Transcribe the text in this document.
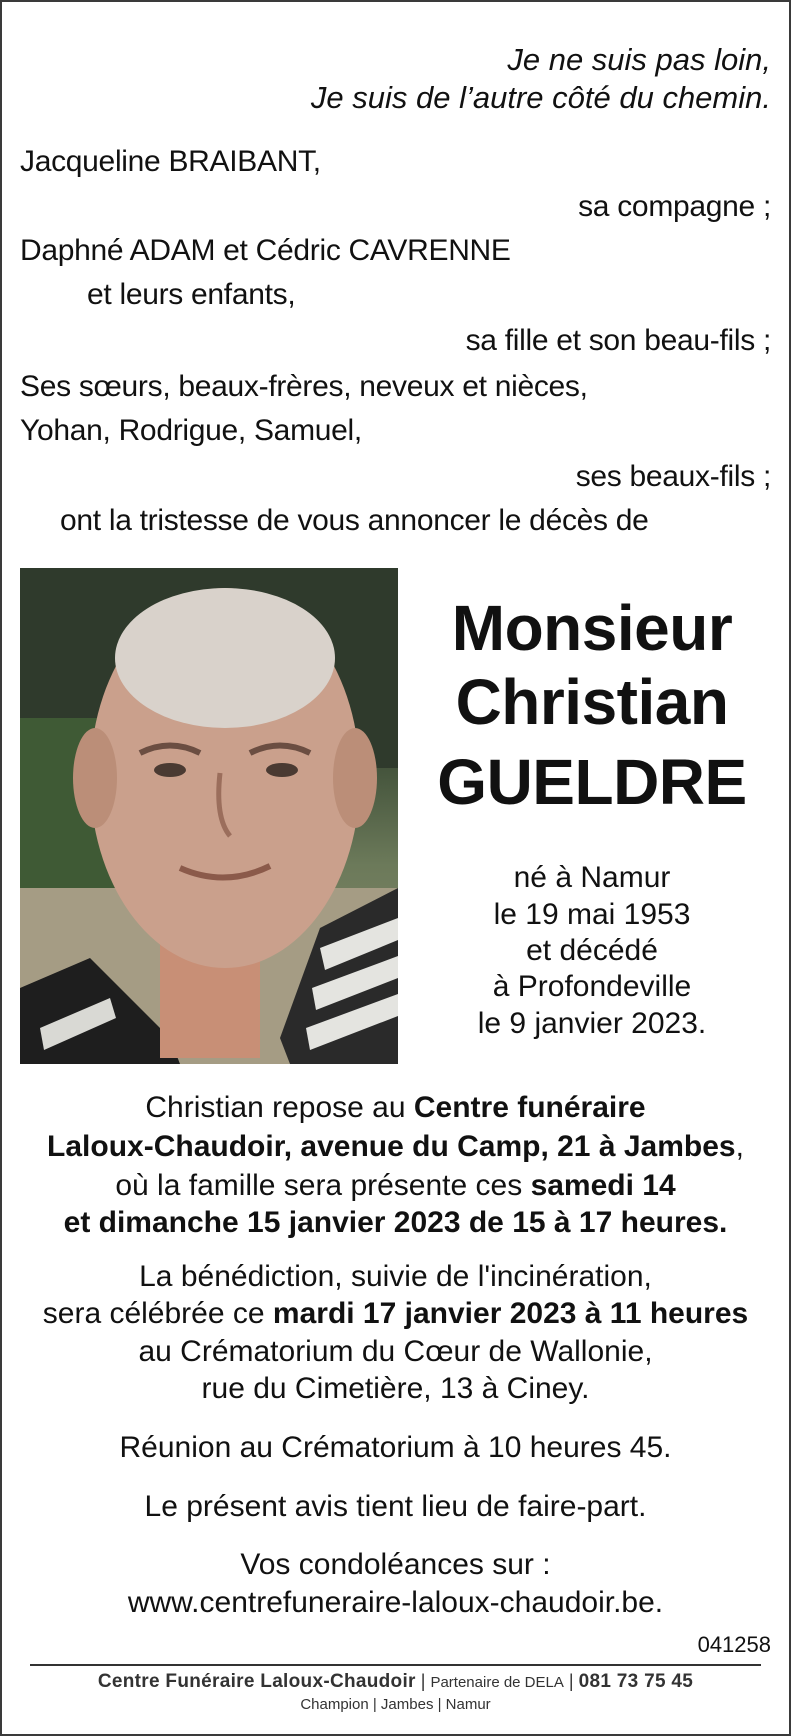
Je ne suis pas loin,
Je suis de l’autre côté du chemin.
Jacqueline BRAIBANT,
sa compagne ;
Daphné ADAM et Cédric CAVRENNE
et leurs enfants,
sa fille et son beau-fils ;
Ses sœurs, beaux-frères, neveux et nièces,
Yohan, Rodrigue, Samuel,
ses beaux-fils ;
ont la tristesse de vous annoncer le décès de
Monsieur
Christian
GUELDRE
né à Namur
le 19 mai 1953
et décédé
à Profondeville
le 9 janvier 2023.
Christian repose au Centre funéraire
Laloux-Chaudoir, avenue du Camp, 21 à Jambes,
où la famille sera présente ces samedi 14
et dimanche 15 janvier 2023 de 15 à 17 heures.
La bénédiction, suivie de l'incinération,
sera célébrée ce mardi 17 janvier 2023 à 11 heures
au Crématorium du Cœur de Wallonie,
rue du Cimetière, 13 à Ciney.
Réunion au Crématorium à 10 heures 45.
Le présent avis tient lieu de faire-part.
Vos condoléances sur :
www.centrefuneraire-laloux-chaudoir.be.
041258
Centre Funéraire Laloux-Chaudoir | Partenaire de DELA | 081 73 75 45
Champion | Jambes | Namur
